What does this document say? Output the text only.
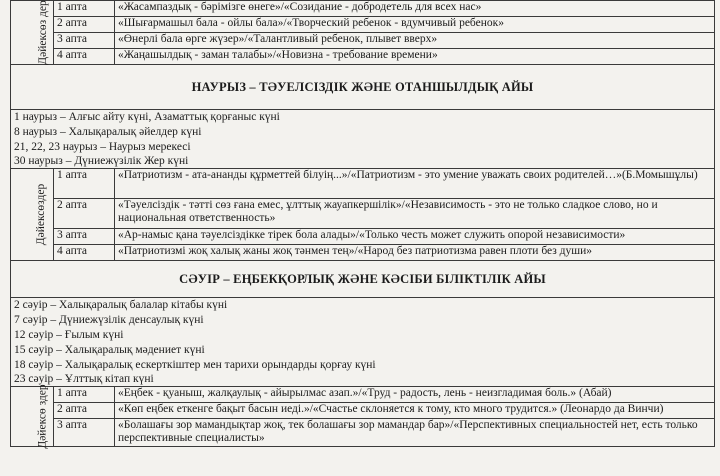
Дәйексөз дер	1 апта	«Жасампаздық - бәрімізге өнеге»/«Созидание - добродетель для всех нас»
	2 апта	«Шығармашыл бала - ойлы бала»/«Творческий ребенок - вдумчивый ребенок»
	3 апта	«Өнерлі бала өрге жүзер»/«Талантливый ребенок, плывет вверх»
	4 апта	«Жаңашылдық - заман талабы»/«Новизна - требование времени»
НАУРЫЗ – ТӘУЕЛСІЗДІК ЖӘНЕ ОТАНШЫЛДЫҚ АЙЫ
1 наурыз – Алғыс айту күні, Азаматтық қорғаныс күні
8 наурыз – Халықаралық әйелдер күні
21, 22, 23 наурыз – Наурыз мерекесі
30 наурыз – Дүниежүзілік Жер күні
Дәйексөздер	1 апта	«Патриотизм - ата-ананды құрметтей білуің...»/«Патриотизм - это умение уважать своих родителей…»(Б.Момышұлы)
	2 апта	«Тәуелсіздік - тәтті сөз ғана емес, ұлттық жауапкершілік»/«Независимость - это не только сладкое слово, но и национальная ответственность»
	3 апта	«Ар-намыс қана тәуелсіздікке тірек бола алады»/«Только честь может служить опорой независимости»
	4 апта	«Патриотизмі жоқ халық жаны жоқ тәнмен тең»/«Народ без патриотизма равен плоти без души»
СӘУІР – ЕҢБЕКҚОРЛЫҚ ЖӘНЕ КӘСІБИ БІЛІКТІЛІК АЙЫ
2 сәуір – Халықаралық балалар кітабы күні
7 сәуір – Дүниежүзілік денсаулық күні
12 сәуір – Ғылым күні
15 сәуір – Халықаралық мәдениет күні
18 сәуір – Халықаралық ескерткіштер мен тарихи орындарды қорғау күні
23 сәуір – Ұлттық кітап күні
Дәйексө здер	1 апта	«Еңбек - қуаныш, жалқаулық - айырылмас азап.»/«Труд - радость, лень - неизгладимая боль.» (Абай)
	2 апта	«Көп еңбек еткенге бақыт басын иеді.»/«Счастье склоняется к тому, кто много трудится.» (Леонардо да Винчи)
	3 апта	«Болашағы зор мамандықтар жоқ, тек болашағы зор мамандар бар»/«Перспективных специальностей нет, есть только перспективные специалисты»
